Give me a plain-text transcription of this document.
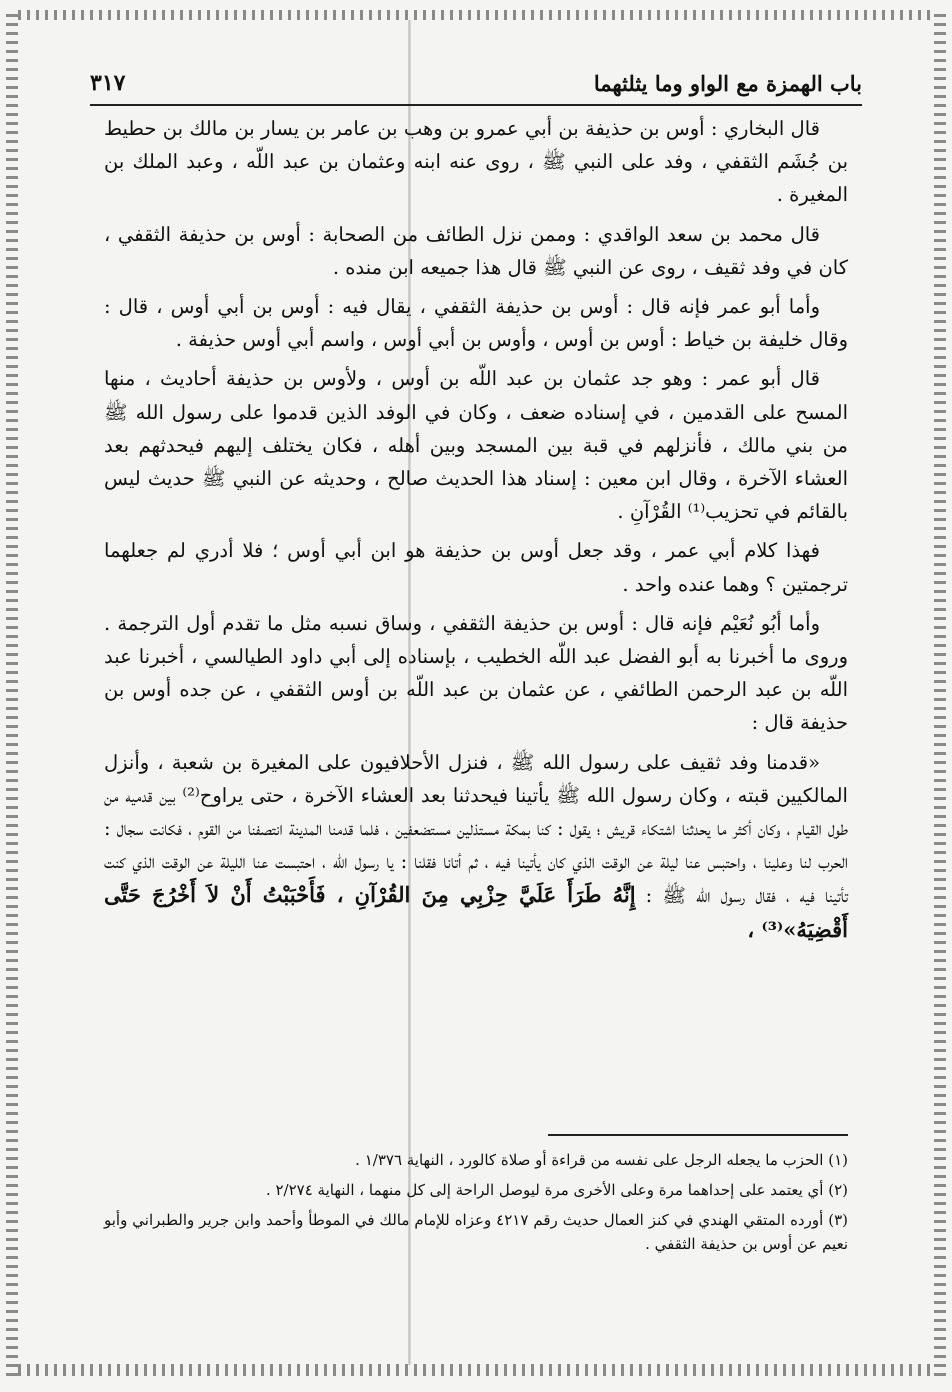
باب الهمزة مع الواو وما يثلثهما
٣١٧

قال البخاري : أوس بن حذيفة بن أبي عمرو بن وهب بن عامر بن يسار بن مالك بن حطيط بن جُشَم الثقفي ، وفد على النبي ﷺ ، روى عنه ابنه وعثمان بن عبد اللّه ، وعبد الملك بن المغيرة .

قال محمد بن سعد الواقدي : وممن نزل الطائف من الصحابة : أوس بن حذيفة الثقفي ، كان في وفد ثقيف ، روى عن النبي ﷺ قال هذا جميعه ابن منده .

وأما أبو عمر فإنه قال : أوس بن حذيفة الثقفي ، يقال فيه : أوس بن أبي أوس ، قال : وقال خليفة بن خياط : أوس بن أوس ، وأوس بن أبي أوس ، واسم أبي أوس حذيفة .

قال أبو عمر : وهو جد عثمان بن عبد اللّه بن أوس ، ولأوس بن حذيفة أحاديث ، منها المسح على القدمين ، في إسناده ضعف ، وكان في الوفد الذين قدموا على رسول الله ﷺ من بني مالك ، فأنزلهم في قبة بين المسجد وبين أهله ، فكان يختلف إليهم فيحدثهم بعد العشاء الآخرة ، وقال ابن معين : إسناد هذا الحديث صالح ، وحديثه عن النبي ﷺ حديث ليس بالقائم في تحزيب⁽¹⁾ القُرْآنِ .

فهذا كلام أبي عمر ، وقد جعل أوس بن حذيفة هو ابن أبي أوس ؛ فلا أدري لم جعلهما ترجمتين ؟ وهما عنده واحد .

وأما أبُو نُعَيْم فإنه قال : أوس بن حذيفة الثقفي ، وساق نسبه مثل ما تقدم أول الترجمة . وروى ما أخبرنا به أبو الفضل عبد اللّه الخطيب ، بإسناده إلى أبي داود الطيالسي ، أخبرنا عبد اللّه بن عبد الرحمن الطائفي ، عن عثمان بن عبد اللّه بن أوس الثقفي ، عن جده أوس بن حذيفة قال :

«قدمنا وفد ثقيف على رسول الله ﷺ ، فنزل الأحلافيون على المغيرة بن شعبة ، وأنزل المالكيين قبته ، وكان رسول الله ﷺ يأتينا فيحدثنا بعد العشاء الآخرة ، حتى يراوح⁽²⁾ بين قدميه من طول القيام ، وكان أكثر ما يحدثنا اشتكاء قريش ؛ يقول : كنا بمكة مستذلين مستضعفين ، فلما قدمنا المدينة انتصفنا من القوم ، فكانت سجال : الحرب لنا وعلينا ، واحتبس عنا ليلة عن الوقت الذي كان يأتينا فيه ، ثم أتانا فقلنا : يا رسول الله ، احتبست عنا الليلة عن الوقت الذي كنت تأتينا فيه ، فقال رسول الله ﷺ : إِنَّهُ طَرَأَ عَلَيَّ حِزْبِي مِنَ القُرْآنِ ، فَأَحْبَبْتُ أَنْ لاَ أَخْرُجَ حَتَّى أَقْضِيَهُ»⁽³⁾ ،

(١) الحزب ما يجعله الرجل على نفسه من قراءة أو صلاة كالورد ، النهاية ١/٣٧٦ .
(٢) أي يعتمد على إحداهما مرة وعلى الأخرى مرة ليوصل الراحة إلى كل منهما ، النهاية ٢/٢٧٤ .
(٣) أورده المتقي الهندي في كنز العمال حديث رقم ٤٢١٧ وعزاه للإمام مالك في الموطأ وأحمد وابن جرير والطبراني وأبو نعيم عن أوس بن حذيفة الثقفي .
